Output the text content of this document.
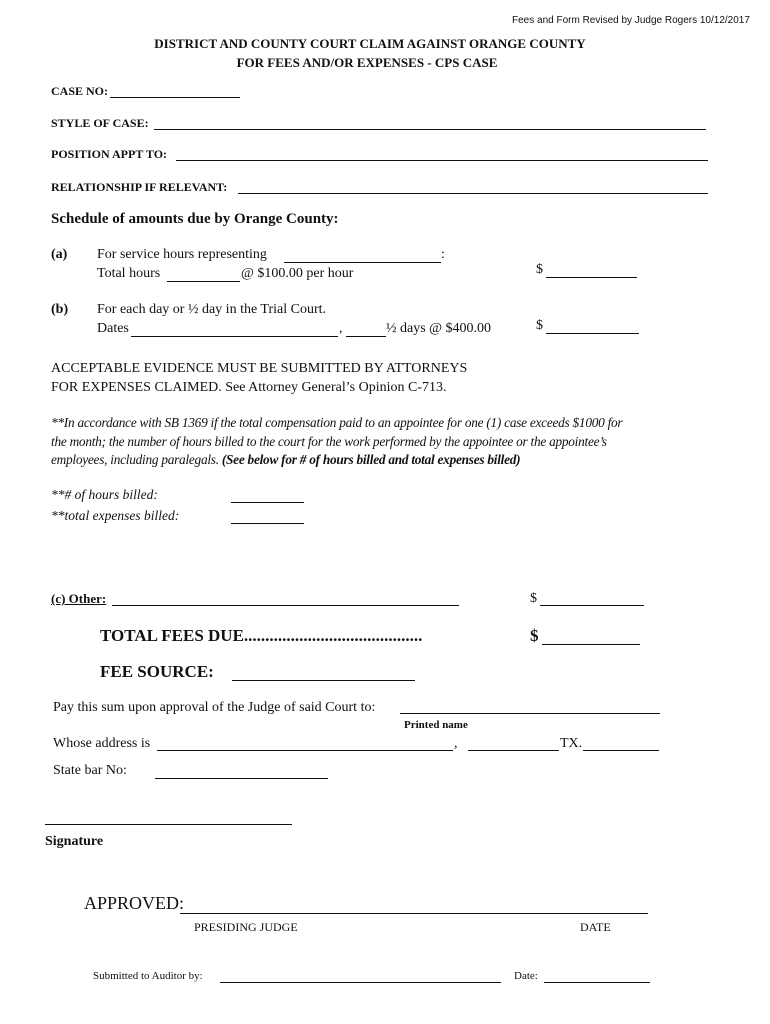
Fees and Form Revised by Judge Rogers 10/12/2017
DISTRICT AND COUNTY COURT CLAIM AGAINST ORANGE COUNTY
FOR FEES AND/OR EXPENSES - CPS CASE
CASE NO:
STYLE OF CASE:
POSITION APPT TO:
RELATIONSHIP IF RELEVANT:
Schedule of amounts due by Orange County:
(a) For service hours representing	:
Total hours	@ $100.00 per hour	$
(b) For each day or ½ day in the Trial Court.
Dates	,	½ days @ $400.00	$
ACCEPTABLE EVIDENCE MUST BE SUBMITTED BY ATTORNEYS
FOR EXPENSES CLAIMED. See Attorney General’s Opinion C-713.
**In accordance with SB 1369 if the total compensation paid to an appointee for one (1) case exceeds $1000 for
the month; the number of hours billed to the court for the work performed by the appointee or the appointee’s
employees, including paralegals. (See below for # of hours billed and total expenses billed)
**# of hours billed:
**total expenses billed:
(c) Other:	$
TOTAL FEES DUE..........................................	$
FEE SOURCE:
Pay this sum upon approval of the Judge of said Court to:
Printed name
Whose address is	,	TX.
State bar No:
Signature
APPROVED:
PRESIDING JUDGE	DATE
Submitted to Auditor by:	Date:
